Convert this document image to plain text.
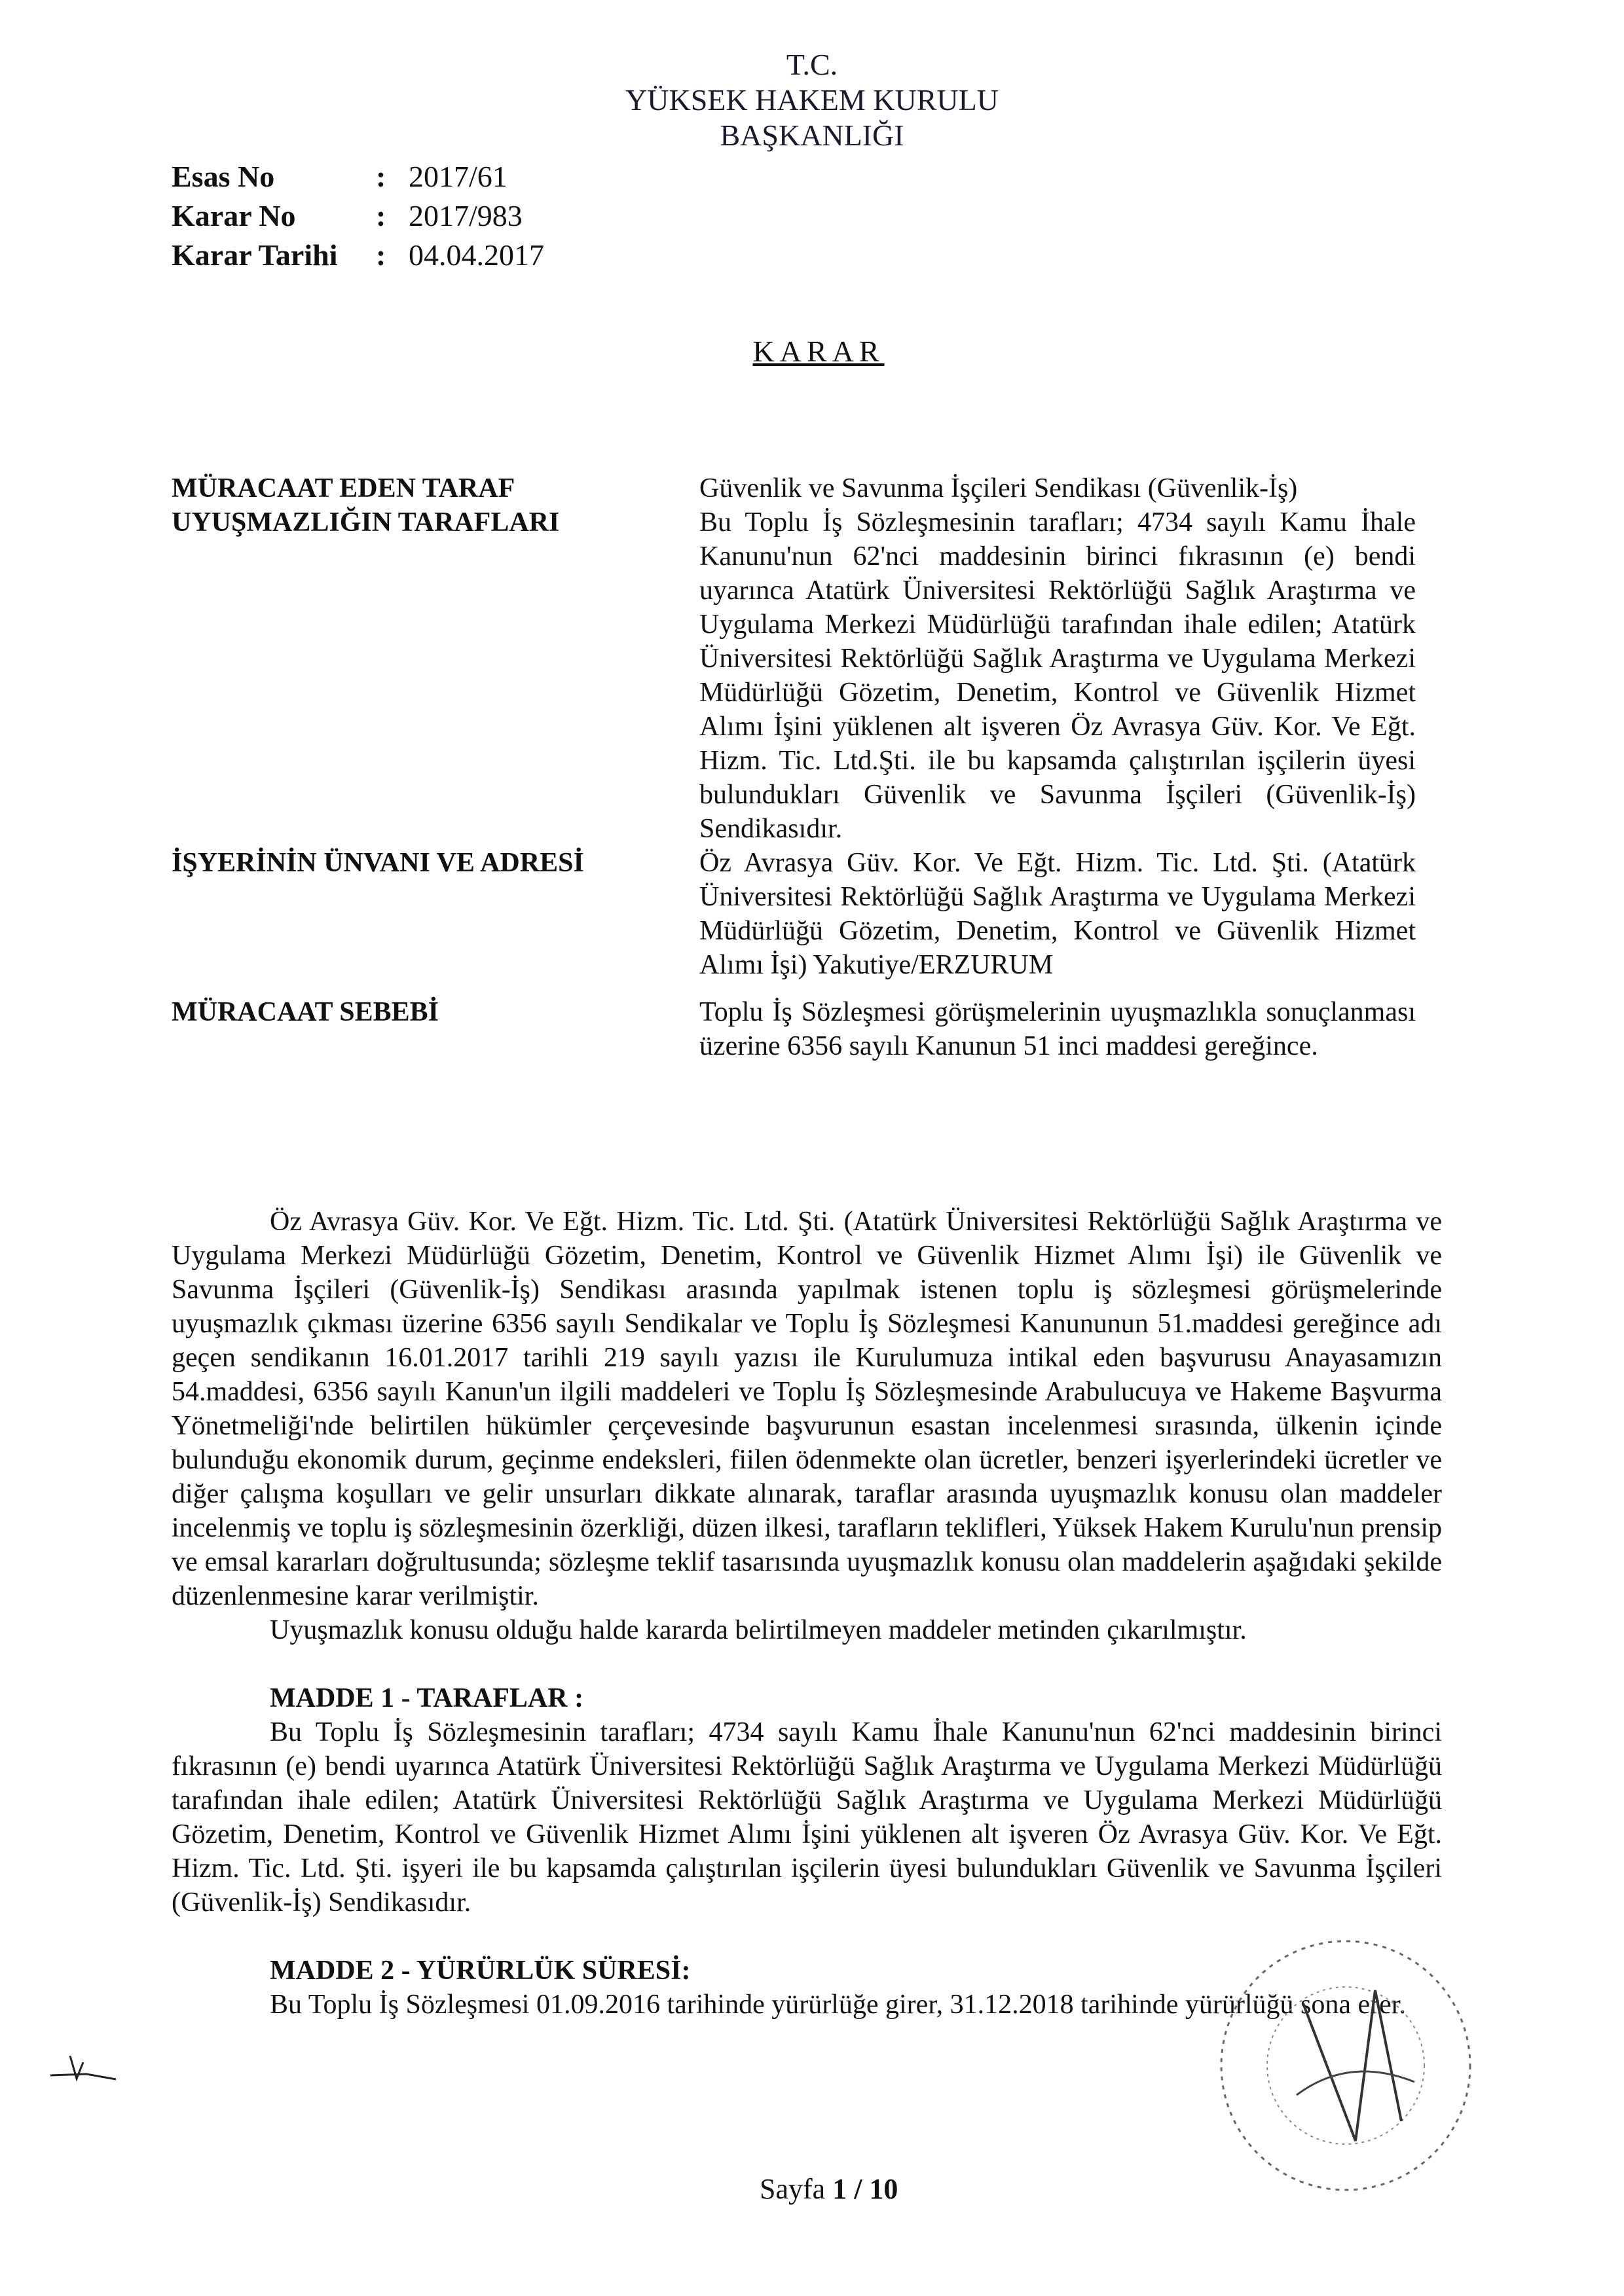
T.C.
YÜKSEK HAKEM KURULU
BAŞKANLIĞI
Esas No	: 2017/61
Karar No	: 2017/983
Karar Tarihi	: 04.04.2017
KARAR
MÜRACAAT EDEN TARAF	Güvenlik ve Savunma İşçileri Sendikası (Güvenlik-İş)
UYUŞMAZLIĞIN TARAFLARI	Bu Toplu İş Sözleşmesinin tarafları; 4734 sayılı Kamu İhale Kanunu'nun 62'nci maddesinin birinci fıkrasının (e) bendi uyarınca Atatürk Üniversitesi Rektörlüğü Sağlık Araştırma ve Uygulama Merkezi Müdürlüğü tarafından ihale edilen; Atatürk Üniversitesi Rektörlüğü Sağlık Araştırma ve Uygulama Merkezi Müdürlüğü Gözetim, Denetim, Kontrol ve Güvenlik Hizmet Alımı İşini yüklenen alt işveren Öz Avrasya Güv. Kor. Ve Eğt. Hizm. Tic. Ltd.Şti. ile bu kapsamda çalıştırılan işçilerin üyesi bulundukları Güvenlik ve Savunma İşçileri (Güvenlik-İş) Sendikasıdır.
İŞYERİNİN ÜNVANI VE ADRESİ	Öz Avrasya Güv. Kor. Ve Eğt. Hizm. Tic. Ltd. Şti. (Atatürk Üniversitesi Rektörlüğü Sağlık Araştırma ve Uygulama Merkezi Müdürlüğü Gözetim, Denetim, Kontrol ve Güvenlik Hizmet Alımı İşi) Yakutiye/ERZURUM
MÜRACAAT SEBEBİ	Toplu İş Sözleşmesi görüşmelerinin uyuşmazlıkla sonuçlanması üzerine 6356 sayılı Kanunun 51 inci maddesi gereğince.

Öz Avrasya Güv. Kor. Ve Eğt. Hizm. Tic. Ltd. Şti. (Atatürk Üniversitesi Rektörlüğü Sağlık Araştırma ve Uygulama Merkezi Müdürlüğü Gözetim, Denetim, Kontrol ve Güvenlik Hizmet Alımı İşi) ile Güvenlik ve Savunma İşçileri (Güvenlik-İş) Sendikası arasında yapılmak istenen toplu iş sözleşmesi görüşmelerinde uyuşmazlık çıkması üzerine 6356 sayılı Sendikalar ve Toplu İş Sözleşmesi Kanununun 51.maddesi gereğince adı geçen sendikanın 16.01.2017 tarihli 219 sayılı yazısı ile Kurulumuza intikal eden başvurusu Anayasamızın 54.maddesi, 6356 sayılı Kanun'un ilgili maddeleri ve Toplu İş Sözleşmesinde Arabulucuya ve Hakeme Başvurma Yönetmeliği'nde belirtilen hükümler çerçevesinde başvurunun esastan incelenmesi sırasında, ülkenin içinde bulunduğu ekonomik durum, geçinme endeksleri, fiilen ödenmekte olan ücretler, benzeri işyerlerindeki ücretler ve diğer çalışma koşulları ve gelir unsurları dikkate alınarak, taraflar arasında uyuşmazlık konusu olan maddeler incelenmiş ve toplu iş sözleşmesinin özerkliği, düzen ilkesi, tarafların teklifleri, Yüksek Hakem Kurulu'nun prensip ve emsal kararları doğrultusunda; sözleşme teklif tasarısında uyuşmazlık konusu olan maddelerin aşağıdaki şekilde düzenlenmesine karar verilmiştir.

Uyuşmazlık konusu olduğu halde kararda belirtilmeyen maddeler metinden çıkarılmıştır.

MADDE 1 - TARAFLAR :

Bu Toplu İş Sözleşmesinin tarafları; 4734 sayılı Kamu İhale Kanunu'nun 62'nci maddesinin birinci fıkrasının (e) bendi uyarınca Atatürk Üniversitesi Rektörlüğü Sağlık Araştırma ve Uygulama Merkezi Müdürlüğü tarafından ihale edilen; Atatürk Üniversitesi Rektörlüğü Sağlık Araştırma ve Uygulama Merkezi Müdürlüğü Gözetim, Denetim, Kontrol ve Güvenlik Hizmet Alımı İşini yüklenen alt işveren Öz Avrasya Güv. Kor. Ve Eğt. Hizm. Tic. Ltd. Şti. işyeri ile bu kapsamda çalıştırılan işçilerin üyesi bulundukları Güvenlik ve Savunma İşçileri (Güvenlik-İş) Sendikasıdır.

MADDE 2 - YÜRÜRLÜK SÜRESİ:

Bu Toplu İş Sözleşmesi 01.09.2016 tarihinde yürürlüğe girer, 31.12.2018 tarihinde yürürlüğü sona erer.

Sayfa 1 / 10
